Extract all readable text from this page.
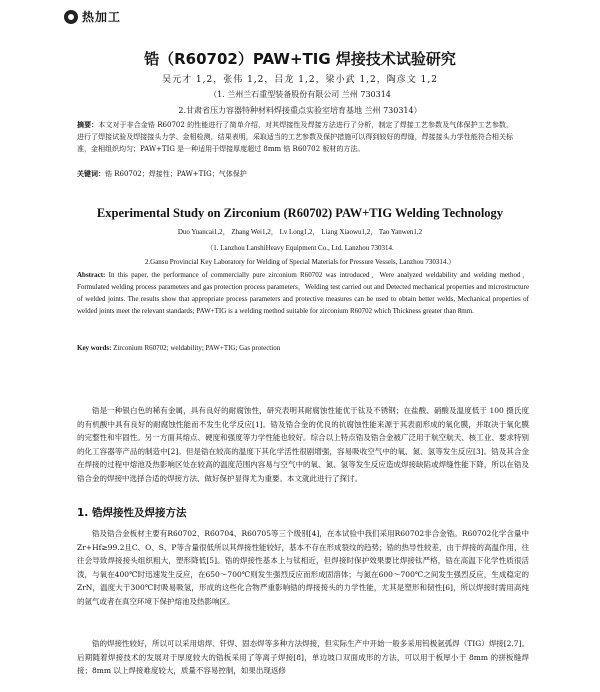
热加工
锆（R60702）PAW+TIG 焊接技术试验研究
吴元才 1,2，张伟 1,2，吕龙 1,2，梁小武 1,2，陶彦文 1,2
（1. 兰州兰石重型装备股份有限公司 兰州 730314
2.甘肃省压力容器特种材料焊接重点实验室培育基地 兰州 730314）
摘要：本文对于非合金锆 R60702 的性能进行了简单介绍，对其焊接性及焊接方法进行了分析，制定了焊接工艺参数及气体保护工艺参数，进行了焊接试验及焊接接头力学、金相检测，结果表明，采取适当的工艺参数及保护措施可以得到较好的焊缝，焊接接头力学性能符合相关标准，金相组织均匀；PAW+TIG 是一种适用于焊接厚度超过 8mm 锆 R60702 板材的方法。
关键词：锆 R60702；焊接性；PAW+TIG；气体保护
Experimental Study on Zirconium (R60702) PAW+TIG Welding Technology
Duo Yuancai1,2， Zhang Wei1,2， Lv Long1,2， Liang Xiaowu1,2， Tao Yanwen1,2
（1. Lanzhou LanshiHeavy Equipment Co., Ltd. Lanzhou 730314.
2.Gansu Provincial Key Laboratory for Welding of Special Materials for Pressure Vessels, Lanzhou 730314.）
Abstract: In this paper, the performance of commercially pure zirconium R60702 was introduced，Were analyzed weldability and welding method，Formulated welding process parameters and gas protection process parameters，Welding test carried out and Detected mechanical properties and microstructure of welded joints. The results show that appropriate process parameters and protective measures can be used to obtain better welds, Mechanical properties of welded joints meet the relevant standards; PAW+TIG is a welding method suitable for zirconium R60702 which Thickness greater than 8mm.
Key words: Zirconium R60702; weldability; PAW+TIG; Gas protection
锆是一种银白色的稀有金属，具有良好的耐腐蚀性，研究表明其耐腐蚀性能优于钛及不锈钢；在盐酸、硝酸及温度低于 100 摄氏度的有机酸中具有良好的耐腐蚀性能而不发生化学反应[1]。锆及锆合金的优良的抗腐蚀性能来源于其表面形成的氧化膜，并取决于氧化膜的完整性和牢固性。另一方面其熔点、硬度和强度等力学性能也较好。综合以上特点锆及锆合金被广泛用于航空航天、核工业、要求特别的化工容器等产品的制造中[2]。但是锆在较高的温度下其化学活性很剧增强，容易吸收空气中的氧、氮、氢等发生反应[3]。锆及其合金在焊接的过程中熔池及热影响区处在较高的温度范围内容易与空气中的氧、氮、氢等发生反应造成焊接缺陷或焊缝性能下降，所以在锆及锆合金的焊接中选择合适的焊接方法、做好保护显得尤为重要。本文就此进行了探讨。
1. 锆焊接性及焊接方法
锆及锆合金板材主要有R60702、R60704、R60705等三个级别[4]，在本试验中我们采用R60702非合金锆。R60702化学含量中Zr+Hf≥99.2且C、O、S、P等含量很低所以其焊接性能较好，基本不存在形成裂纹的趋势；锆的热导性较差，由于焊接的高温作用，往往会导致焊接接头组织粗大，塑形降低[5]。锆的焊接性基本上与钛相近，但焊接时保护效果要比焊接钛严格，锆在高温下化学性质很活泼，与氧在400℃时迅速发生反应，在650～700℃则发生强烈反应而形成固溶体；与氮在600～700℃之间发生强烈反应，生成稳定的ZrN，温度大于300℃时吸易吸氢，形成的这些化合物严重影响锆的焊接接头的力学性能，尤其是塑形和韧性[6]，所以焊接时需用高纯的氩气或者在真空环境下保护熔池及热影响区。
锆的焊接性较好，所以可以采用熔焊、钎焊、固态焊等多种方法焊接，但实际生产中开始一般多采用钨极氩弧焊（TIG）焊接[2,7]。后期随着焊接技术的发展对于厚度较大的锆板采用了等离子焊接[8]，单边坡口双面成形的方法，可以用于板厚小于 8mm 的拼板缝焊接；8mm 以上焊接难度较大，质量不容易控制，如果出现返修
